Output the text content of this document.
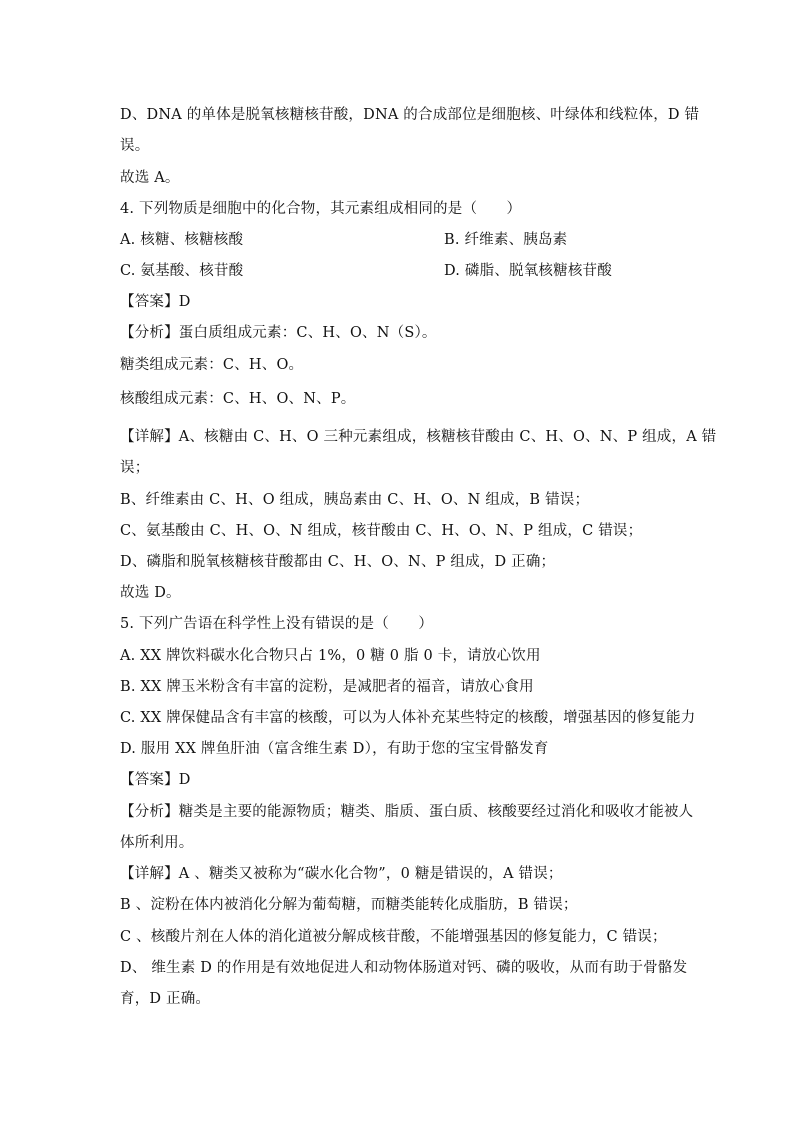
D、DNA 的单体是脱氧核糖核苷酸，DNA 的合成部位是细胞核、叶绿体和线粒体，D 错
误。
故选 A。
4. 下列物质是细胞中的化合物，其元素组成相同的是（　　）
A. 核糖、核糖核酸	B. 纤维素、胰岛素
C. 氨基酸、核苷酸	D. 磷脂、脱氧核糖核苷酸
【答案】D
【分析】蛋白质组成元素：C、H、O、N（S）。
糖类组成元素：C、H、O。
核酸组成元素：C、H、O、N、P。
【详解】A、核糖由 C、H、O 三种元素组成，核糖核苷酸由 C、H、O、N、P 组成，A 错
误；
B、纤维素由 C、H、O 组成，胰岛素由 C、H、O、N 组成，B 错误；
C、氨基酸由 C、H、O、N 组成，核苷酸由 C、H、O、N、P 组成，C 错误；
D、磷脂和脱氧核糖核苷酸都由 C、H、O、N、P 组成，D 正确；
故选 D。
5. 下列广告语在科学性上没有错误的是（　　）
A. XX 牌饮料碳水化合物只占 1%，0 糖 0 脂 0 卡，请放心饮用
B. XX 牌玉米粉含有丰富的淀粉，是减肥者的福音，请放心食用
C. XX 牌保健品含有丰富的核酸，可以为人体补充某些特定的核酸，增强基因的修复能力
D. 服用 XX 牌鱼肝油（富含维生素 D），有助于您的宝宝骨骼发育
【答案】D
【分析】糖类是主要的能源物质；糖类、脂质、蛋白质、核酸要经过消化和吸收才能被人
体所利用。
【详解】A 、糖类又被称为“碳水化合物”，0 糖是错误的，A 错误；
B 、淀粉在体内被消化分解为葡萄糖，而糖类能转化成脂肪，B 错误；
C 、核酸片剂在人体的消化道被分解成核苷酸，不能增强基因的修复能力，C 错误；
D、 维生素 D 的作用是有效地促进人和动物体肠道对钙、磷的吸收，从而有助于骨骼发
育，D 正确。
